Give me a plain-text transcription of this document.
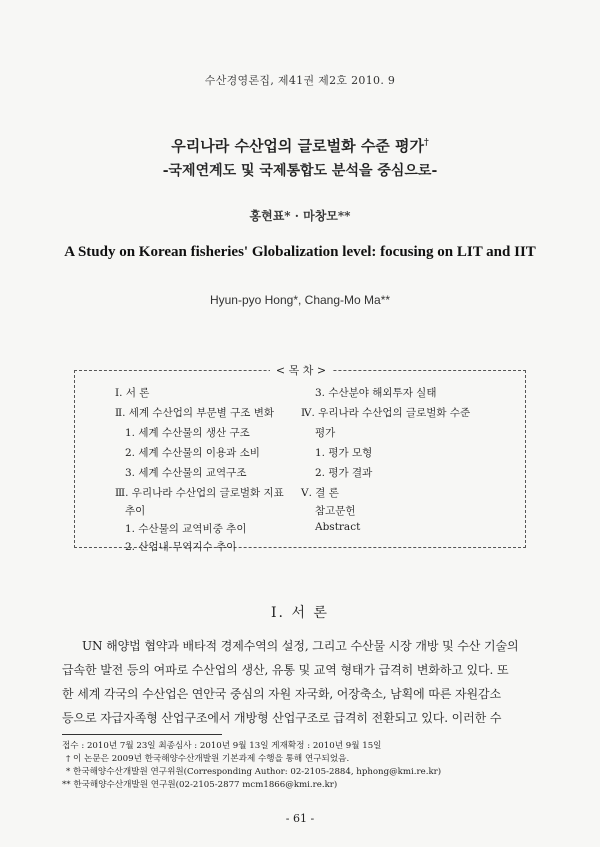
수산경영론집, 제41권 제2호 2010. 9
우리나라 수산업의 글로벌화 수준 평가†
-국제연계도 및 국제통합도 분석을 중심으로-
홍현표* · 마창모**
A Study on Korean fisheries' Globalization level: focusing on LIT and IIT
Hyun-pyo Hong*, Chang-Mo Ma**
< 목 차 >
Ⅰ. 서 론
Ⅱ. 세계 수산업의 부문별 구조 변화
1. 세계 수산물의 생산 구조
2. 세계 수산물의 이용과 소비
3. 세계 수산물의 교역구조
Ⅲ. 우리나라 수산업의 글로벌화 지표
추이
1. 수산물의 교역비중 추이
2. 산업내 무역지수 추이
3. 수산분야 해외투자 실태
Ⅳ. 우리나라 수산업의 글로벌화 수준
평가
1. 평가 모형
2. 평가 결과
Ⅴ. 결 론
참고문헌
Abstract
Ⅰ. 서 론
UN 해양법 협약과 배타적 경제수역의 설정, 그리고 수산물 시장 개방 및 수산 기술의
급속한 발전 등의 여파로 수산업의 생산, 유통 및 교역 형태가 급격히 변화하고 있다. 또
한 세계 각국의 수산업은 연안국 중심의 자원 자국화, 어장축소, 남획에 따른 자원감소
등으로 자급자족형 산업구조에서 개방형 산업구조로 급격히 전환되고 있다. 이러한 수
접수 : 2010년 7월 23일 최종심사 : 2010년 9월 13일 게재확정 : 2010년 9월 15일
† 이 논문은 2009년 한국해양수산개발원 기본과제 수행을 통해 연구되었음.
* 한국해양수산개발원 연구위원(Corresponding Author: 02-2105-2884, hphong@kmi.re.kr)
** 한국해양수산개발원 연구원(02-2105-2877 mcm1866@kmi.re.kr)
- 61 -
